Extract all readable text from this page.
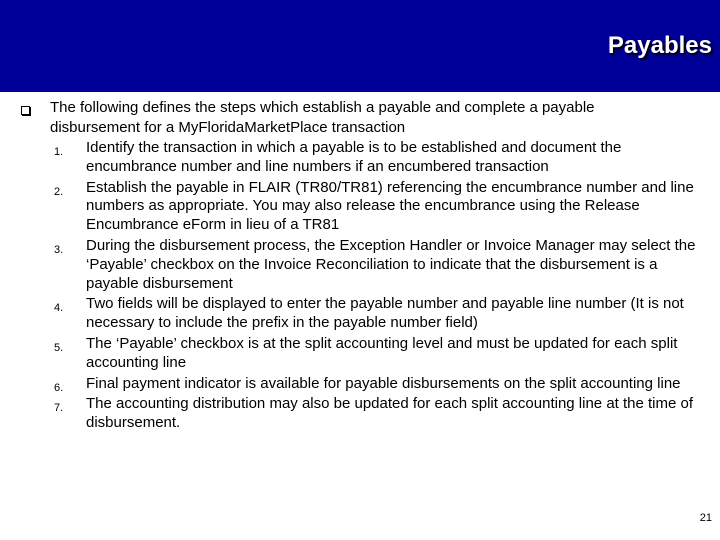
Payables
The following defines the steps which establish a payable and complete a payable disbursement for a MyFloridaMarketPlace transaction
1. Identify the transaction in which a payable is to be established and document the encumbrance number and line numbers if an encumbered transaction
2. Establish the payable in FLAIR (TR80/TR81) referencing the encumbrance number and line numbers as appropriate. You may also release the encumbrance using the Release Encumbrance eForm in lieu of a TR81
3. During the disbursement process, the Exception Handler or Invoice Manager may select the ‘Payable’ checkbox on the Invoice Reconciliation to indicate that the disbursement is a payable disbursement
4. Two fields will be displayed to enter the payable number and payable line number (It is not necessary to include the prefix in the payable number field)
5. The ‘Payable’ checkbox is at the split accounting level and must be updated for each split accounting line
6. Final payment indicator is available for payable disbursements on the split accounting line
7. The accounting distribution may also be updated for each split accounting line at the time of disbursement.
21
